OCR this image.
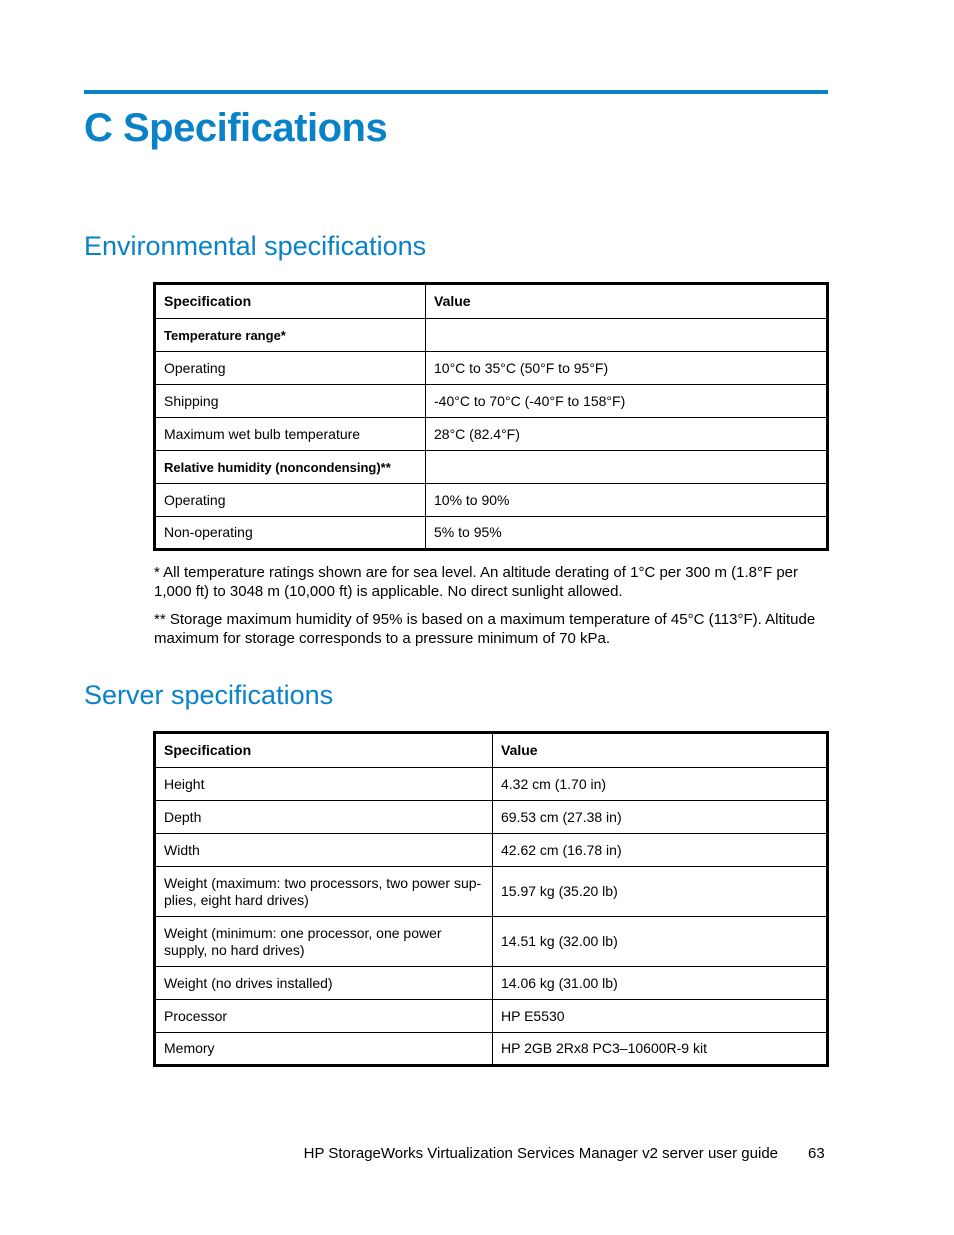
C Specifications
Environmental specifications
Specification	Value
Temperature range*	
Operating	10°C to 35°C (50°F to 95°F)
Shipping	-40°C to 70°C (-40°F to 158°F)
Maximum wet bulb temperature	28°C (82.4°F)
Relative humidity (noncondensing)**	
Operating	10% to 90%
Non-operating	5% to 95%

* All temperature ratings shown are for sea level. An altitude derating of 1°C per 300 m (1.8°F per 1,000 ft) to 3048 m (10,000 ft) is applicable. No direct sunlight allowed.

** Storage maximum humidity of 95% is based on a maximum temperature of 45°C (113°F). Altitude maximum for storage corresponds to a pressure minimum of 70 kPa.

Server specifications
Specification	Value
Height	4.32 cm (1.70 in)
Depth	69.53 cm (27.38 in)
Width	42.62 cm (16.78 in)
Weight (maximum: two processors, two power sup-plies, eight hard drives)	15.97 kg (35.20 lb)
Weight (minimum: one processor, one power supply, no hard drives)	14.51 kg (32.00 lb)
Weight (no drives installed)	14.06 kg (31.00 lb)
Processor	HP E5530
Memory	HP 2GB 2Rx8 PC3–10600R-9 kit

HP StorageWorks Virtualization Services Manager v2 server user guide 63
